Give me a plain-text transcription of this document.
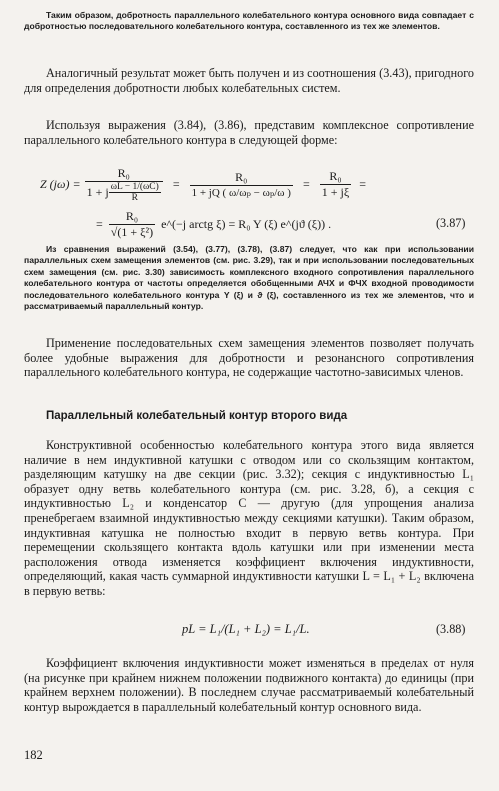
Таким образом, добротность параллельного колебательного контура основного вида совпадает с добротностью последовательного колебательного контура, составленного из тех же элементов.

Аналогичный результат может быть получен и из соотношения (3.43), пригодного для определения добротности любых колебательных систем.

Используя выражения (3.84), (3.86), представим комплексное сопротивление параллельного колебательного контура в следующей форме:

Z $(j\omega) = \frac{\text{R₀}}{1 + j \frac{\omega L - 1/(\omega C)}{R}} = \frac{\text{R₀}}{\text{1 + jQ ( ω/ωₚ − ωₚ/ω )}} = \frac{\text{R₀}}{1 + j\xi}$ =
= $\frac{\text{R₀}}{\text{√(1 + ξ²)}}$ e^(−j arctg ξ) = R₀ Y (ξ) e^(jϑ (ξ)) .	(3.87)

Из сравнения выражений (3.54), (3.77), (3.78), (3.87) следует, что как при использовании параллельных схем замещения элементов (см. рис. 3.29), так и при использовании последовательных схем замещения (см. рис. 3.30) зависимость комплексного входного сопротивления параллельного колебательного контура от частоты определяется обобщенными АЧХ и ФЧХ входной проводимости последовательного колебательного контура Y (ξ) и ϑ (ξ), составленного из тех же элементов, что и рассматриваемый параллельный контур.

Применение последовательных схем замещения элементов позволяет получать более удобные выражения для добротности и резонансного сопротивления параллельного колебательного контура, не содержащие частотно-зависимых членов.

Параллельный колебательный контур второго вида

Конструктивной особенностью колебательного контура этого вида является наличие в нем индуктивной катушки с отводом или со скользящим контактом, разделяющим катушку на две секции (рис. 3.32); секция с индуктивностью L₁ образует одну ветвь колебательного контура (см. рис. 3.28, б), а секция с индуктивностью L₂ и конденсатор C — другую (для упрощения анализа пренебрегаем взаимной индуктивностью между секциями катушки). Таким образом, индуктивная катушка не полностью входит в первую ветвь контура. При перемещении скользящего контакта вдоль катушки или при изменении места расположения отвода изменяется коэффициент включения индуктивности, определяющий, какая часть суммарной индуктивности катушки L = L₁ + L₂ включена в первую ветвь:

pL = L₁/(L₁ + L₂) = L₁/L.	(3.88)

Коэффициент включения индуктивности может изменяться в пределах от нуля (на рисунке при крайнем нижнем положении подвижного контакта) до единицы (при крайнем верхнем положении). В последнем случае рассматриваемый колебательный контур вырождается в параллельный колебательный контур основного вида.

182
